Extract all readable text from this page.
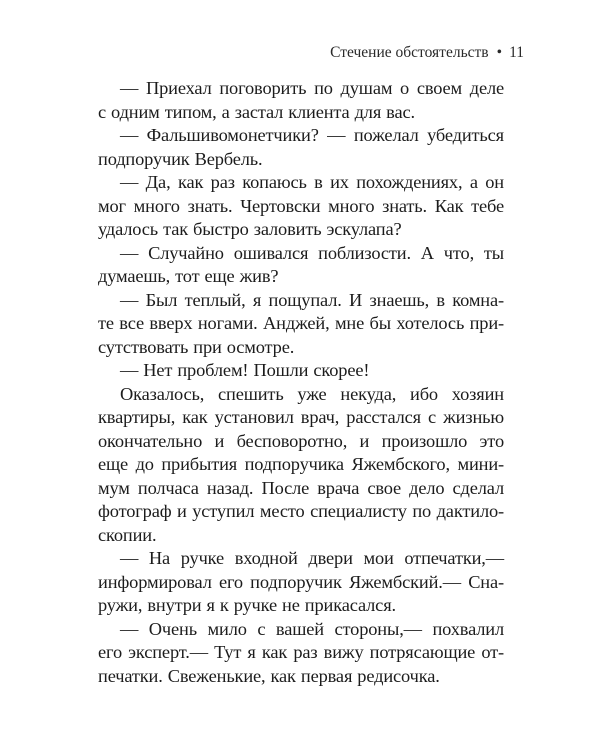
Стечение обстоятельств • 11

— Приехал поговорить по душам о своем деле
с одним типом, а застал клиента для вас.

— Фальшивомонетчики? — пожелал убедиться
подпоручик Вербель.

— Да, как раз копаюсь в их похождениях, а он
мог много знать. Чертовски много знать. Как тебе
удалось так быстро заловить эскулапа?

— Случайно ошивался поблизости. А что, ты
думаешь, тот еще жив?

— Был теплый, я пощупал. И знаешь, в комна-
те все вверх ногами. Анджей, мне бы хотелось при-
сутствовать при осмотре.

— Нет проблем! Пошли скорее!

Оказалось, спешить уже некуда, ибо хозяин
квартиры, как установил врач, расстался с жизнью
окончательно и бесповоротно, и произошло это
еще до прибытия подпоручика Яжембского, мини-
мум полчаса назад. После врача свое дело сделал
фотограф и уступил место специалисту по дактило-
скопии.

— На ручке входной двери мои отпечатки,—
информировал его подпоручик Яжембский.— Сна-
ружи, внутри я к ручке не прикасался.

— Очень мило с вашей стороны,— похвалил
его эксперт.— Тут я как раз вижу потрясающие от-
печатки. Свеженькие, как первая редисочка.
